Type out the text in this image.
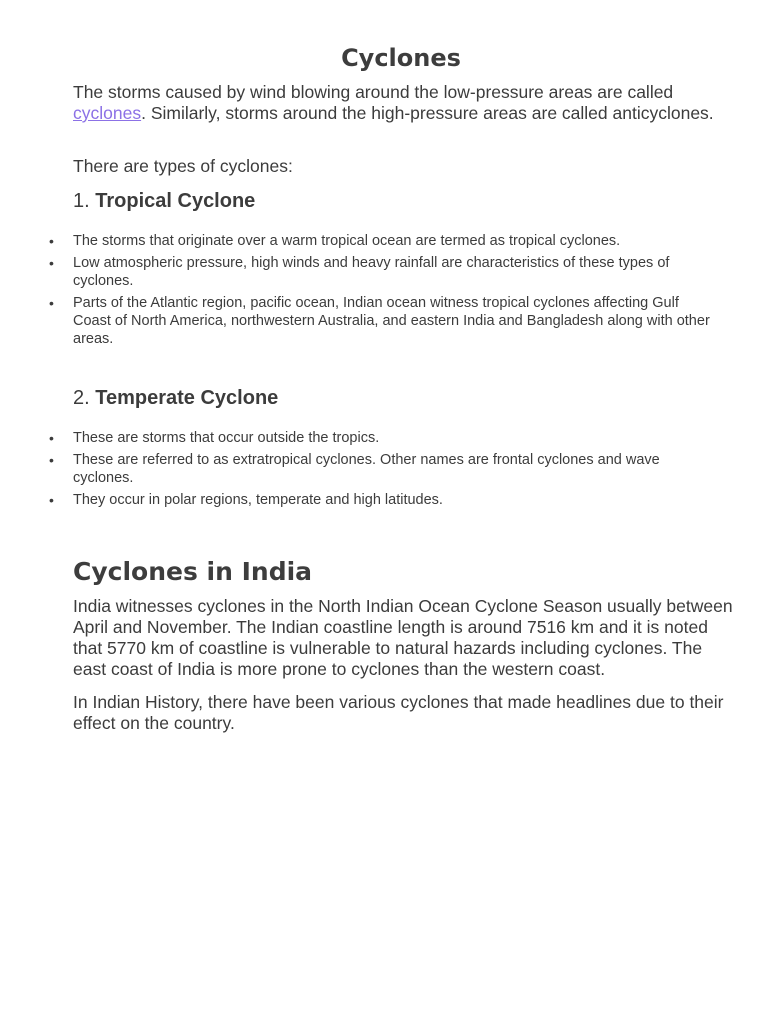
Cyclones

The storms caused by wind blowing around the low-pressure areas are called cyclones. Similarly, storms around the high-pressure areas are called anticyclones.

There are types of cyclones:

1. Tropical Cyclone
• The storms that originate over a warm tropical ocean are termed as tropical cyclones.
• Low atmospheric pressure, high winds and heavy rainfall are characteristics of these types of cyclones.
• Parts of the Atlantic region, pacific ocean, Indian ocean witness tropical cyclones affecting Gulf Coast of North America, northwestern Australia, and eastern India and Bangladesh along with other areas.
2. Temperate Cyclone
• These are storms that occur outside the tropics.
• These are referred to as extratropical cyclones. Other names are frontal cyclones and wave cyclones.
• They occur in polar regions, temperate and high latitudes.
Cyclones in India

India witnesses cyclones in the North Indian Ocean Cyclone Season usually between April and November. The Indian coastline length is around 7516 km and it is noted that 5770 km of coastline is vulnerable to natural hazards including cyclones. The east coast of India is more prone to cyclones than the western coast.

In Indian History, there have been various cyclones that made headlines due to their effect on the country.
